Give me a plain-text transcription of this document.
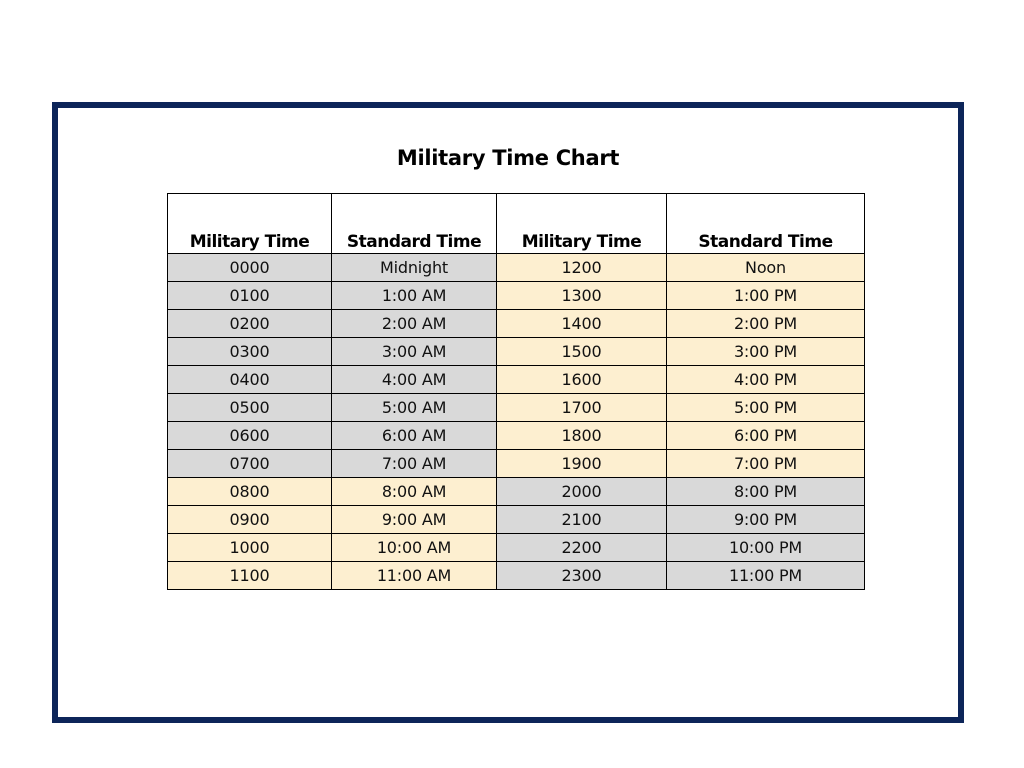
Military Time Chart
Military Time	Standard Time	Military Time	Standard Time
0000	Midnight	1200	Noon
0100	1:00 AM	1300	1:00 PM
0200	2:00 AM	1400	2:00 PM
0300	3:00 AM	1500	3:00 PM
0400	4:00 AM	1600	4:00 PM
0500	5:00 AM	1700	5:00 PM
0600	6:00 AM	1800	6:00 PM
0700	7:00 AM	1900	7:00 PM
0800	8:00 AM	2000	8:00 PM
0900	9:00 AM	2100	9:00 PM
1000	10:00 AM	2200	10:00 PM
1100	11:00 AM	2300	11:00 PM
